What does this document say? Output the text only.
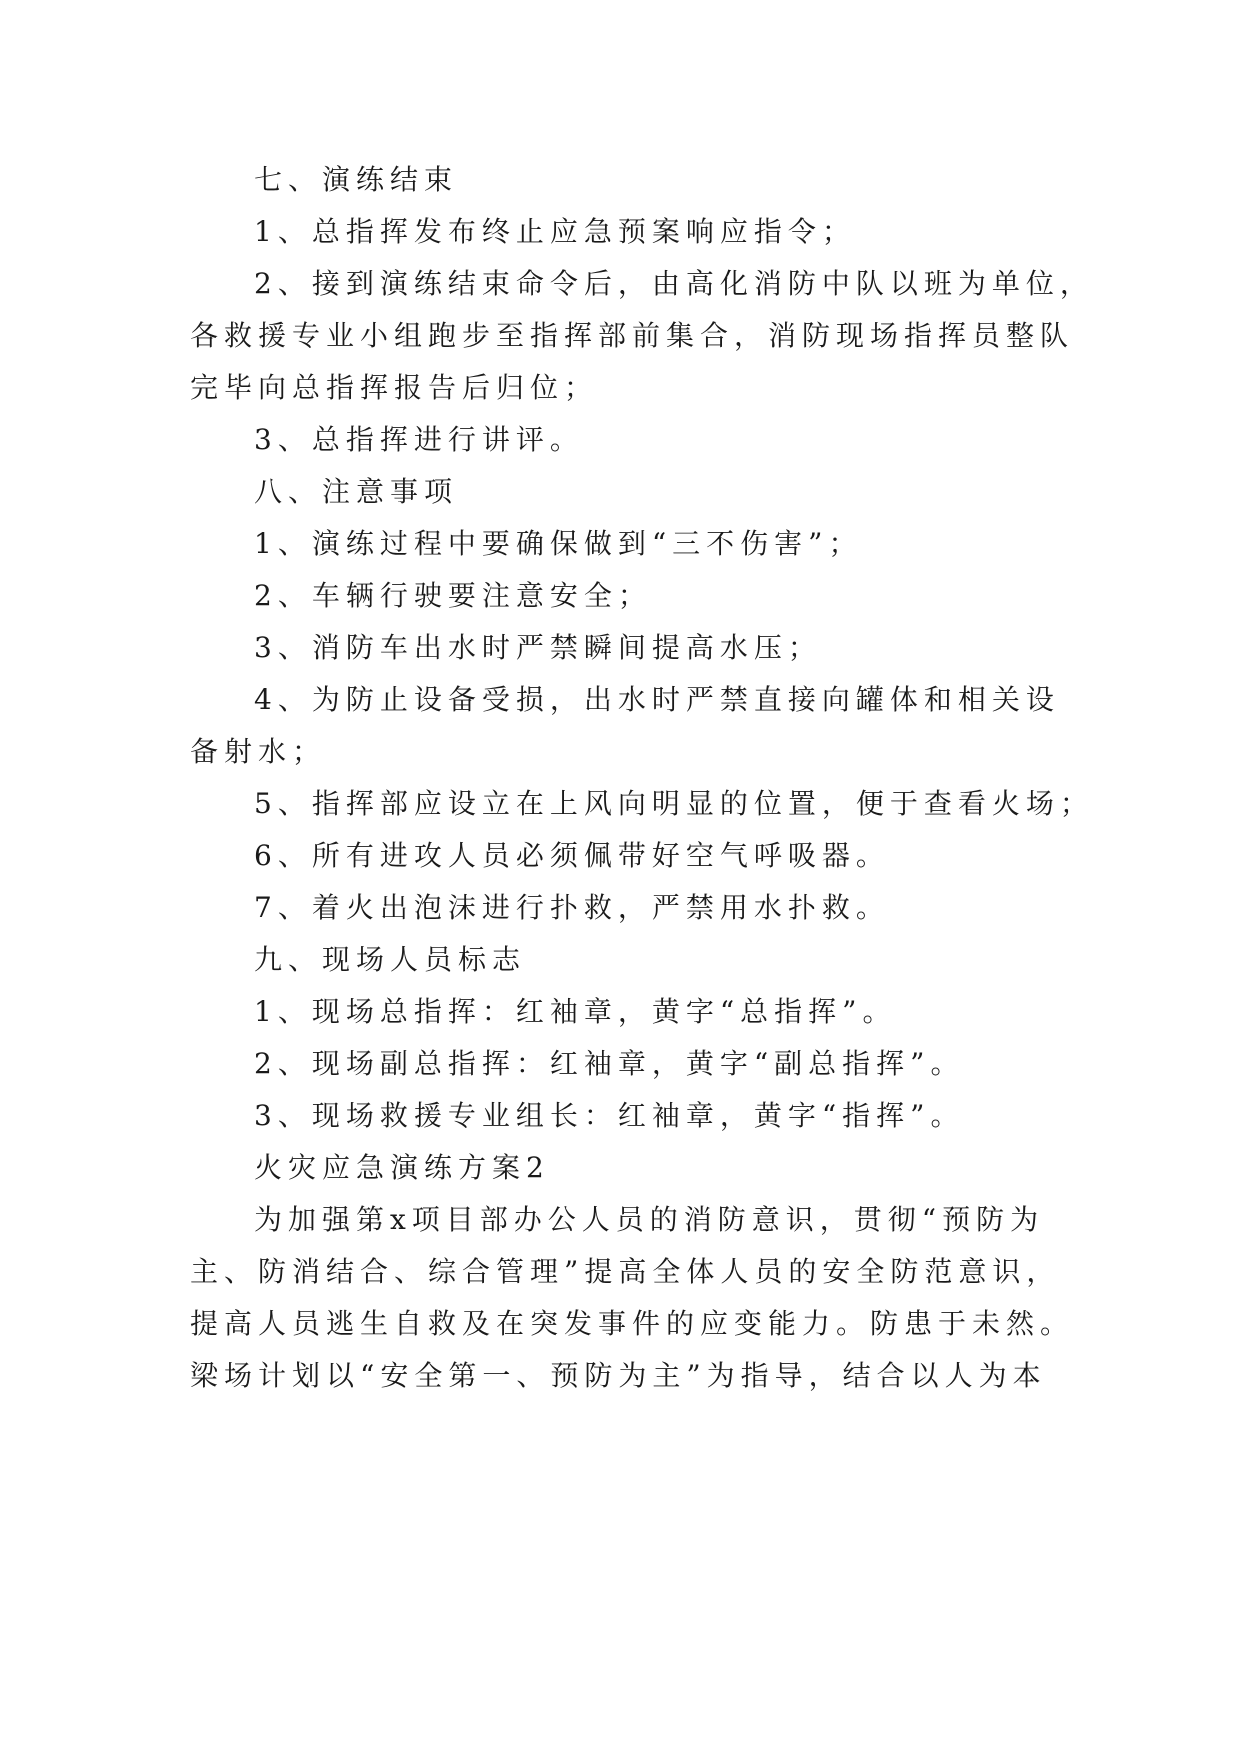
七、演练结束
1、总指挥发布终止应急预案响应指令；
2、接到演练结束命令后，由高化消防中队以班为单位，
各救援专业小组跑步至指挥部前集合，消防现场指挥员整队
完毕向总指挥报告后归位；
3、总指挥进行讲评。
八、注意事项
1、演练过程中要确保做到“三不伤害”；
2、车辆行驶要注意安全；
3、消防车出水时严禁瞬间提高水压；
4、为防止设备受损，出水时严禁直接向罐体和相关设
备射水；
5、指挥部应设立在上风向明显的位置，便于查看火场；
6、所有进攻人员必须佩带好空气呼吸器。
7、着火出泡沫进行扑救，严禁用水扑救。
九、现场人员标志
1、现场总指挥：红袖章，黄字“总指挥”。
2、现场副总指挥：红袖章，黄字“副总指挥”。
3、现场救援专业组长：红袖章，黄字“指挥”。
火灾应急演练方案2
为加强第x项目部办公人员的消防意识，贯彻“预防为
主、防消结合、综合管理”提高全体人员的安全防范意识，
提高人员逃生自救及在突发事件的应变能力。防患于未然。
梁场计划以“安全第一、预防为主”为指导，结合以人为本
